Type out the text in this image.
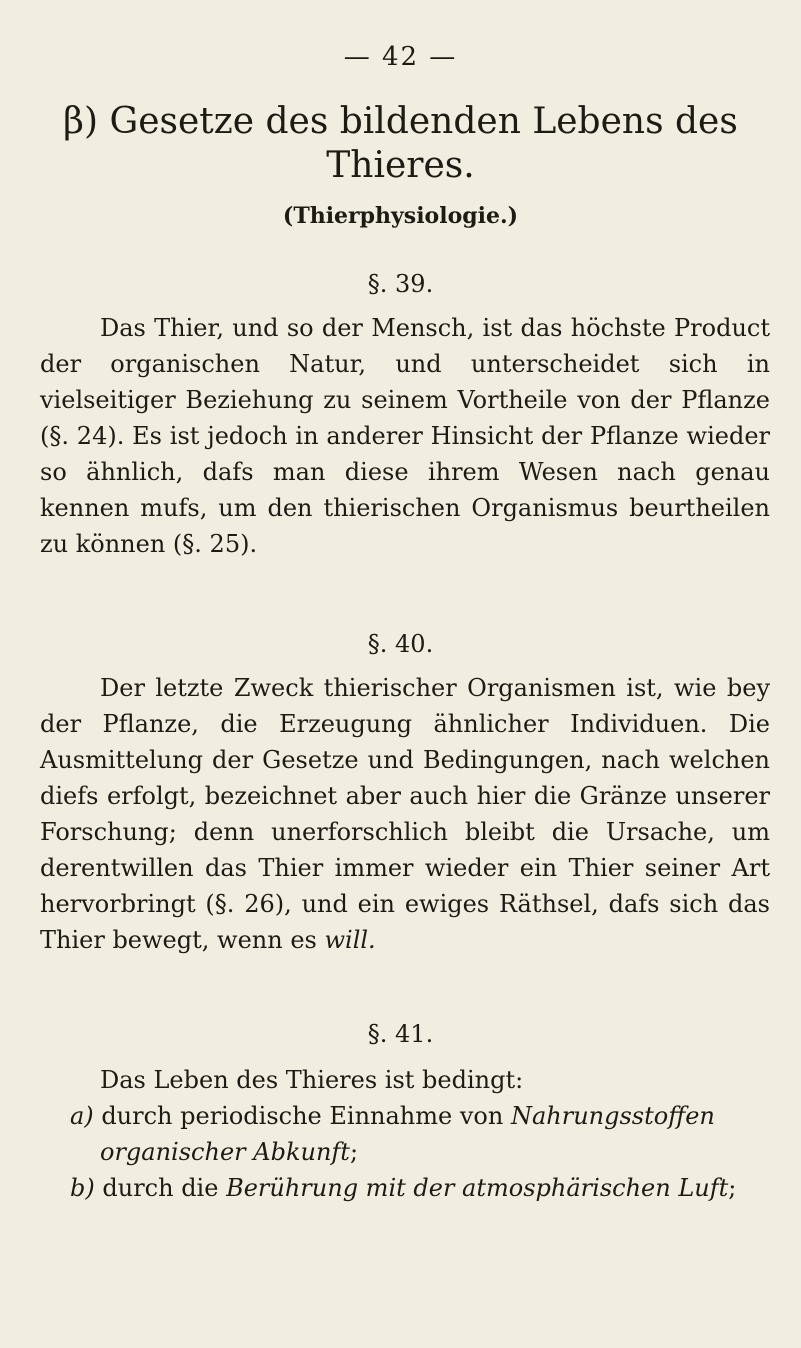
— 42 —
β) Gesetze des bildenden Lebens des
Thieres.
(Thierphysiologie.)
§. 39.

Das Thier, und so der Mensch, ist das höchste Product der organischen Natur, und unterscheidet sich in vielseitiger Beziehung zu seinem Vortheile von der Pflanze (§. 24). Es ist jedoch in anderer Hinsicht der Pflanze wieder so ähnlich, dafs man diese ihrem Wesen nach genau kennen mufs, um den thierischen Organismus beurtheilen zu können (§. 25).

§. 40.

Der letzte Zweck thierischer Organismen ist, wie bey der Pflanze, die Erzeugung ähnlicher Individuen. Die Ausmittelung der Gesetze und Bedingungen, nach welchen diefs erfolgt, bezeichnet aber auch hier die Gränze unserer Forschung; denn unerforschlich bleibt die Ursache, um derentwillen das Thier immer wieder ein Thier seiner Art hervorbringt (§. 26), und ein ewiges Räthsel, dafs sich das Thier bewegt, wenn es will.

§. 41.

Das Leben des Thieres ist bedingt:

a) durch periodische Einnahme von Nahrungsstoffen organischer Abkunft;
b) durch die Berührung mit der atmosphärischen Luft;
